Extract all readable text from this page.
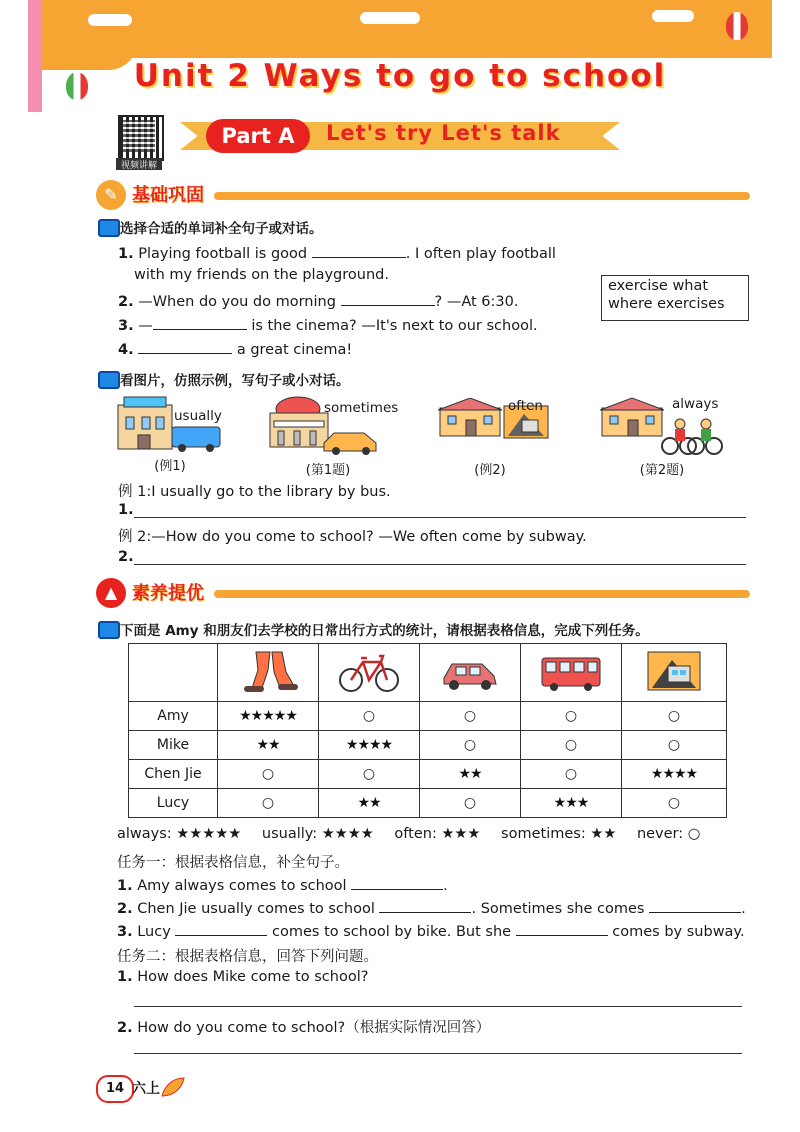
Unit 2 Ways to go to school
视频讲解
Part A	Let's try Let's talk
✎ 基础巩固
选择合适的单词补全句子或对话。
1. Playing football is good	. I often play football
with my friends on the playground.
2. —When do you do morning	? —At 6:30.
3. —	is the cinema? —It's next to our school.
4.	a great cinema!
exercise what
where exercises
看图片，仿照示例，写句子或小对话。
usually
(例1)
sometimes
(第1题)
often
(例2)
always
(第2题)
例 1:I usually go to the library by bus.
1.
例 2:—How do you come to school? —We often come by subway.
2.
▲ 素养提优
下面是 Amy 和朋友们去学校的日常出行方式的统计，请根据表格信息，完成下列任务。

Amy	★★★★★	○	○	○	○
Mike	★★	★★★★	○	○	○
Chen Jie	○	○	★★	○	★★★★
Lucy	○	★★	○	★★★	○
always: ★★★★★ usually: ★★★★ often: ★★★ sometimes: ★★ never: ○
任务一：根据表格信息，补全句子。
1. Amy always comes to school	.
2. Chen Jie usually comes to school	. Sometimes she comes	.
3. Lucy	comes to school by bike. But she	comes by subway.
任务二：根据表格信息，回答下列问题。
1. How does Mike come to school?
2. How do you come to school?（根据实际情况回答）
14 六上
